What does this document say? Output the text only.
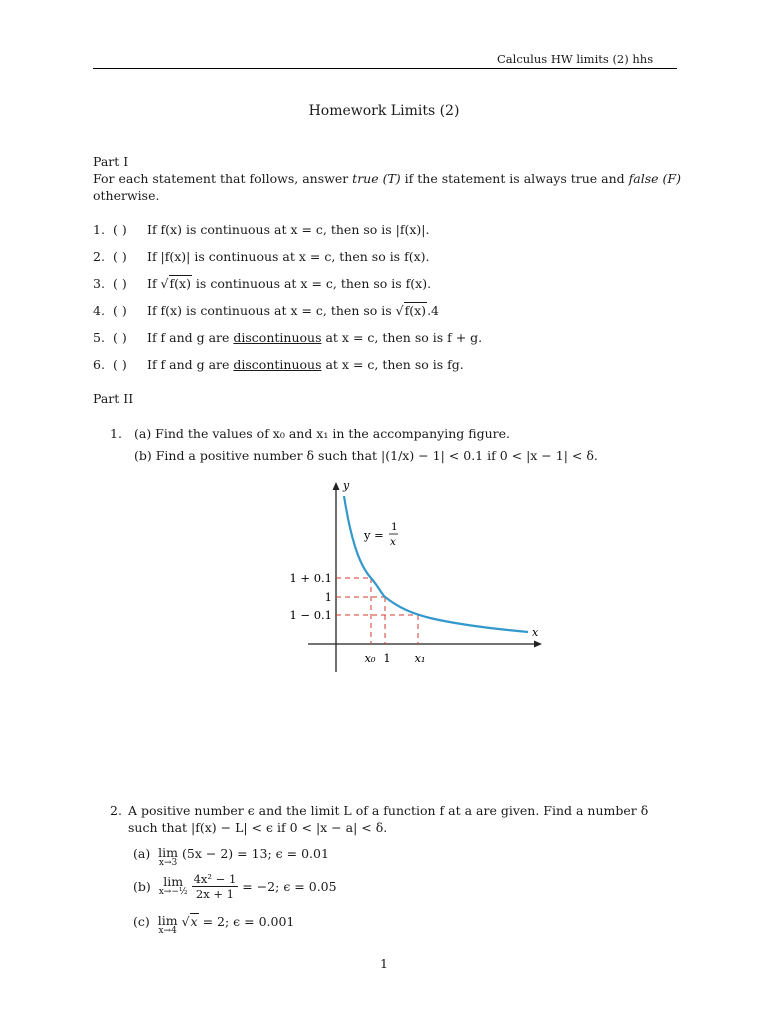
Calculus HW limits (2) hhs
Homework Limits (2)
Part I
For each statement that follows, answer true (T) if the statement is always true and false (F)
otherwise.
1. ( ) If f(x) is continuous at x = c, then so is |f(x)|.
2. ( ) If |f(x)| is continuous at x = c, then so is f(x).
3. ( ) If √f(x) is continuous at x = c, then so is f(x).
4. ( ) If f(x) is continuous at x = c, then so is √f(x).4
5. ( ) If f and g are discontinuous at x = c, then so is f + g.
6. ( ) If f and g are discontinuous at x = c, then so is fg.
Part II
1. (a) Find the values of x₀ and x₁ in the accompanying figure.
(b) Find a positive number δ such that |(1/x) − 1| < 0.1 if 0 < |x − 1| < δ.
y
x
y =
1
x
1 + 0.1
1
1 − 0.1
x₀ 1 x₁
2. A positive number ϵ and the limit L of a function f at a are given. Find a number δ
such that |f(x) − L| < ϵ if 0 < |x − a| < δ.
(a) lim
x→3
(5x − 2) = 13; ϵ = 0.01
(b) lim
x→−½
$\frac{\text{4x² − 1}}{2x + 1} = -2$; ϵ = 0.05
(c) lim
x→4
√x = 2; ϵ = 0.001
1
